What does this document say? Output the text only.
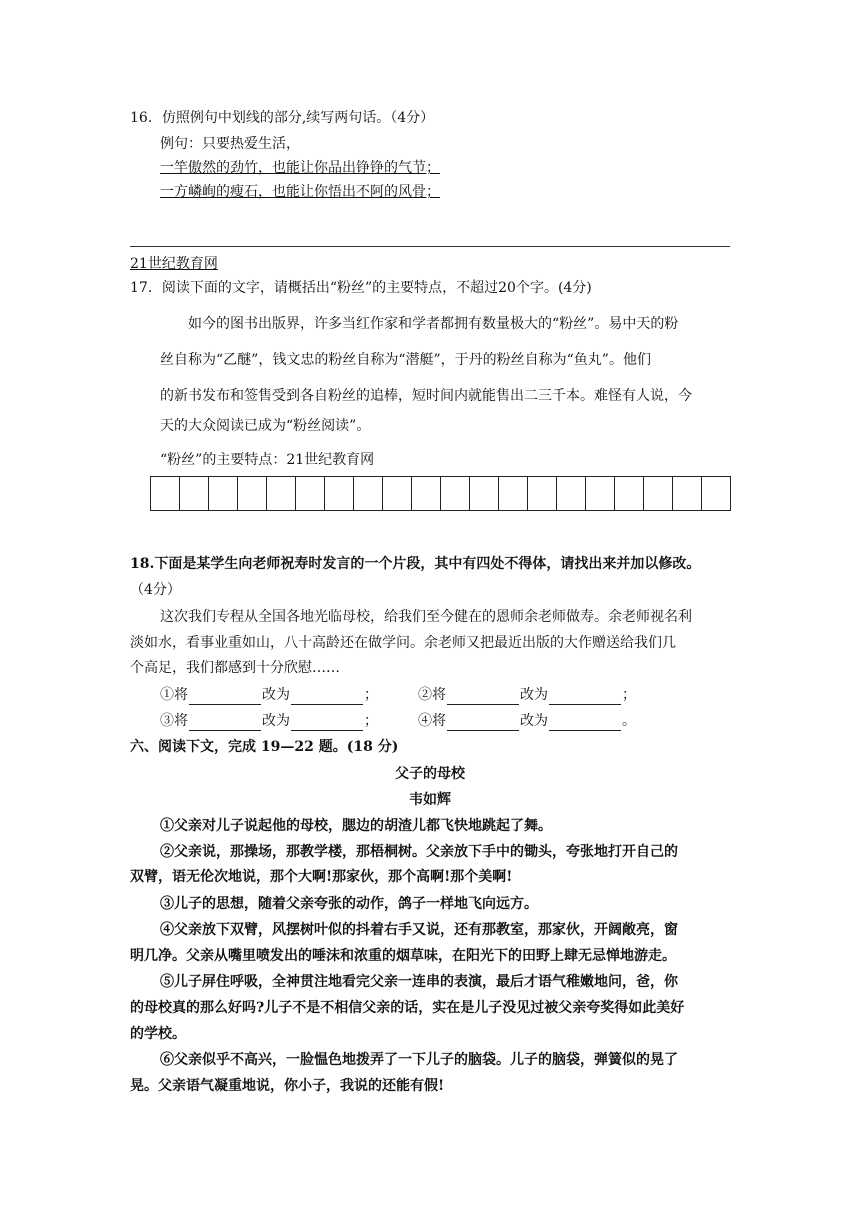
16．仿照例句中划线的部分,续写两句话。（4分）
例句：只要热爱生活，
一竿傲然的劲竹，也能让你品出铮铮的气节；
一方嶙峋的瘦石，也能让你悟出不阿的风骨；
21世纪教育网
17．阅读下面的文字，请概括出“粉丝”的主要特点，不超过20个字。(4分)
如今的图书出版界，许多当红作家和学者都拥有数量极大的“粉丝”。易中天的粉
丝自称为“乙醚”，钱文忠的粉丝自称为“潜艇”，于丹的粉丝自称为“鱼丸”。他们
的新书发布和签售受到各自粉丝的追棒，短时间内就能售出二三千本。难怪有人说，今
天的大众阅读已成为“粉丝阅读”。
“粉丝”的主要特点：21世纪教育网
18.下面是某学生向老师祝寿时发言的一个片段，其中有四处不得体，请找出来并加以修改。
（4分）
这次我们专程从全国各地光临母校，给我们至今健在的恩师余老师做寿。余老师视名利
淡如水，看事业重如山，八十高龄还在做学问。余老师又把最近出版的大作赠送给我们几
个高足，我们都感到十分欣慰……
①将	改为	；	②将	改为	；
③将	改为	；	④将	改为	。
六、阅读下文，完成 19—22 题。(18 分)
父子的母校
韦如辉
①父亲对儿子说起他的母校，腮边的胡渣儿都飞快地跳起了舞。
②父亲说，那操场，那教学楼，那梧桐树。父亲放下手中的锄头，夸张地打开自己的
双臂，语无伦次地说，那个大啊!那家伙，那个高啊!那个美啊!
③儿子的思想，随着父亲夸张的动作，鸽子一样地飞向远方。
④父亲放下双臂，风摆树叶似的抖着右手又说，还有那教室，那家伙，开阔敞亮，窗
明几净。父亲从嘴里喷发出的唾沫和浓重的烟草味，在阳光下的田野上肆无忌惮地游走。
⑤儿子屏住呼吸，全神贯注地看完父亲一连串的表演，最后才语气稚嫩地问，爸，你
的母校真的那么好吗?儿子不是不相信父亲的话，实在是儿子没见过被父亲夸奖得如此美好
的学校。
⑥父亲似乎不高兴，一脸愠色地拨弄了一下儿子的脑袋。儿子的脑袋，弹簧似的晃了
晃。父亲语气凝重地说，你小子，我说的还能有假!
